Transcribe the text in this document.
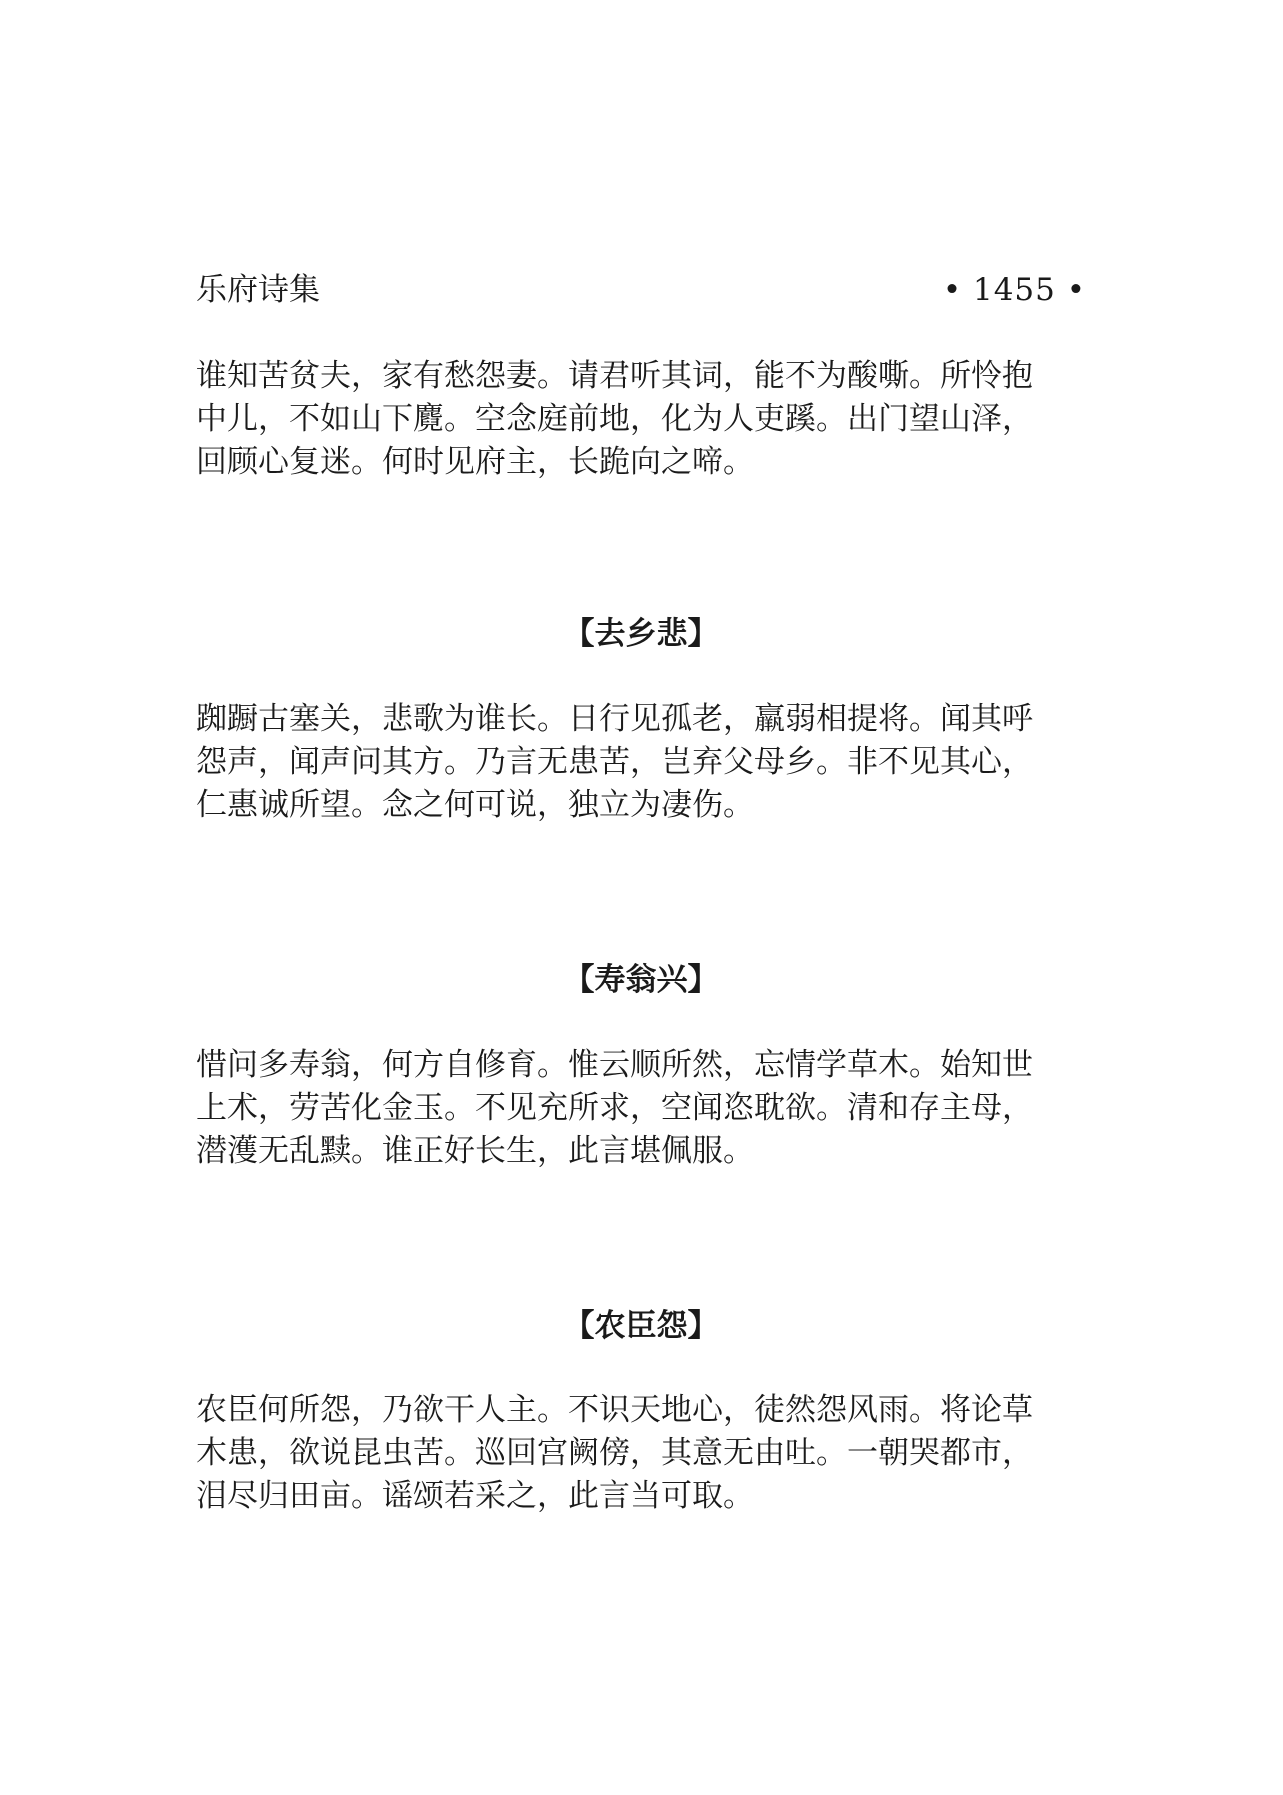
乐府诗集	• 1455 •

谁知苦贫夫，家有愁怨妻。请君听其词，能不为酸嘶。所怜抱
中儿，不如山下麑。空念庭前地，化为人吏蹊。出门望山泽，
回顾心复迷。何时见府主，长跪向之啼。

【去乡悲】

踟蹰古塞关，悲歌为谁长。日行见孤老，羸弱相提将。闻其呼
怨声，闻声问其方。乃言无患苦，岂弃父母乡。非不见其心，
仁惠诚所望。念之何可说，独立为凄伤。

【寿翁兴】

惜问多寿翁，何方自修育。惟云顺所然，忘情学草木。始知世
上术，劳苦化金玉。不见充所求，空闻恣耽欲。清和存主母，
潜濩无乱黩。谁正好长生，此言堪佩服。

【农臣怨】

农臣何所怨，乃欲干人主。不识天地心，徒然怨风雨。将论草
木患，欲说昆虫苦。巡回宫阙傍，其意无由吐。一朝哭都市，
泪尽归田亩。谣颂若采之，此言当可取。
